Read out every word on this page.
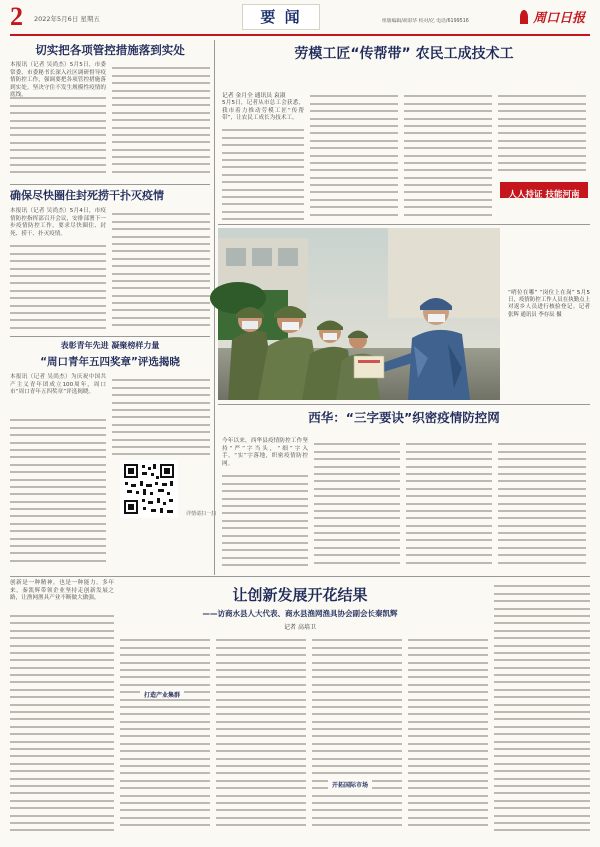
2 2022年5月6日 星期五	要 闻	组版编辑/胡彩华 校对/亿 电话/6199516	周口日报
切实把各项管控措施落到实处
本报讯（记者 吴尚杰）5月5日，市委常委、市委秘书长深入社区调研督导疫情防控工作，强调要把各项管控措施落到实处，坚决守住不发生规模性疫情的底线。

确保尽快圈住封死捞干扑灭疫情
本报讯（记者 吴尚杰）5月4日，市疫情防控指挥部召开会议，安排部署下一步疫情防控工作，要求尽快圈住、封死、捞干、扑灭疫情。

表彰青年先进 凝聚榜样力量
“周口青年五四奖章”评选揭晓
本报讯（记者 吴尚杰）为庆祝中国共产主义青年团成立100周年，周口市“周口青年五四奖章”评选揭晓。

详情请扫一扫
劳模工匠“传帮带” 农民工成技术工
记者 金月全 通讯员 袁淑
5月5日，记者从市总工会获悉，我市着力推动劳模工匠“传帮带”，让农民工成长为技术工。

人人持证 技能河南
“哨位在哪” “岗位上在岗” 5月5日，疫情防控工作人员在执勤点上对返乡人员进行核验登记。记者 张辉 通讯员 李存辰 摄
西华：“三字要诀”织密疫情防控网
今年以来，西华县疫情防控工作坚持“严”字当头，“细”字入手，“实”字落地，织密疫情防控网。

创新是一种精神，也是一种能力。多年来，秦凯辉带领企业坚持走创新发展之路，让渔网渔具产业不断做大做强。	让创新发展开花结果
——访商水县人大代表、商水县渔网渔具协会副会长秦凯辉
记者 高培卫

打造产业集群

开拓国际市场
